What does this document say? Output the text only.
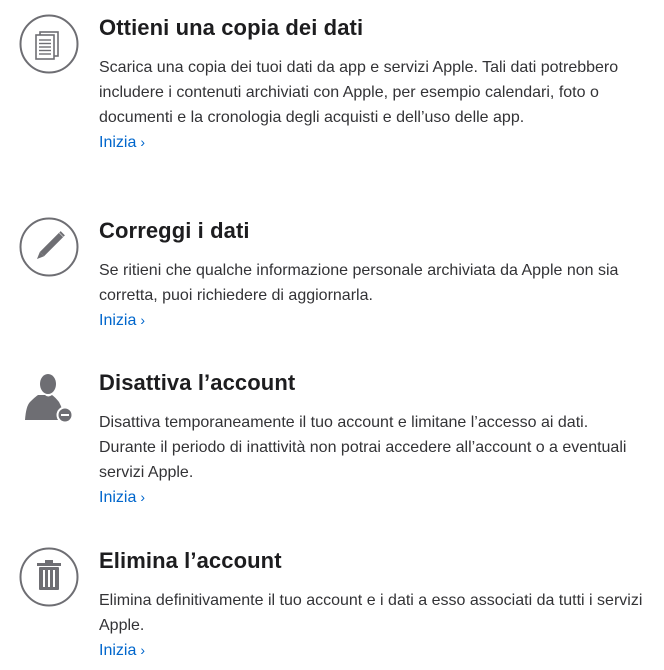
Ottieni una copia dei dati

Scarica una copia dei tuoi dati da app e servizi Apple. Tali dati potrebbero includere i contenuti archiviati con Apple, per esempio calendari, foto o documenti e la cronologia degli acquisti e dell’uso delle app.

Inizia ›
Correggi i dati

Se ritieni che qualche informazione personale archiviata da Apple non sia corretta, puoi richiedere di aggiornarla.

Inizia ›
Disattiva l’account

Disattiva temporaneamente il tuo account e limitane l’accesso ai dati. Durante il periodo di inattività non potrai accedere all’account o a eventuali servizi Apple.

Inizia ›
Elimina l’account

Elimina definitivamente il tuo account e i dati a esso associati da tutti i servizi Apple.

Inizia ›
